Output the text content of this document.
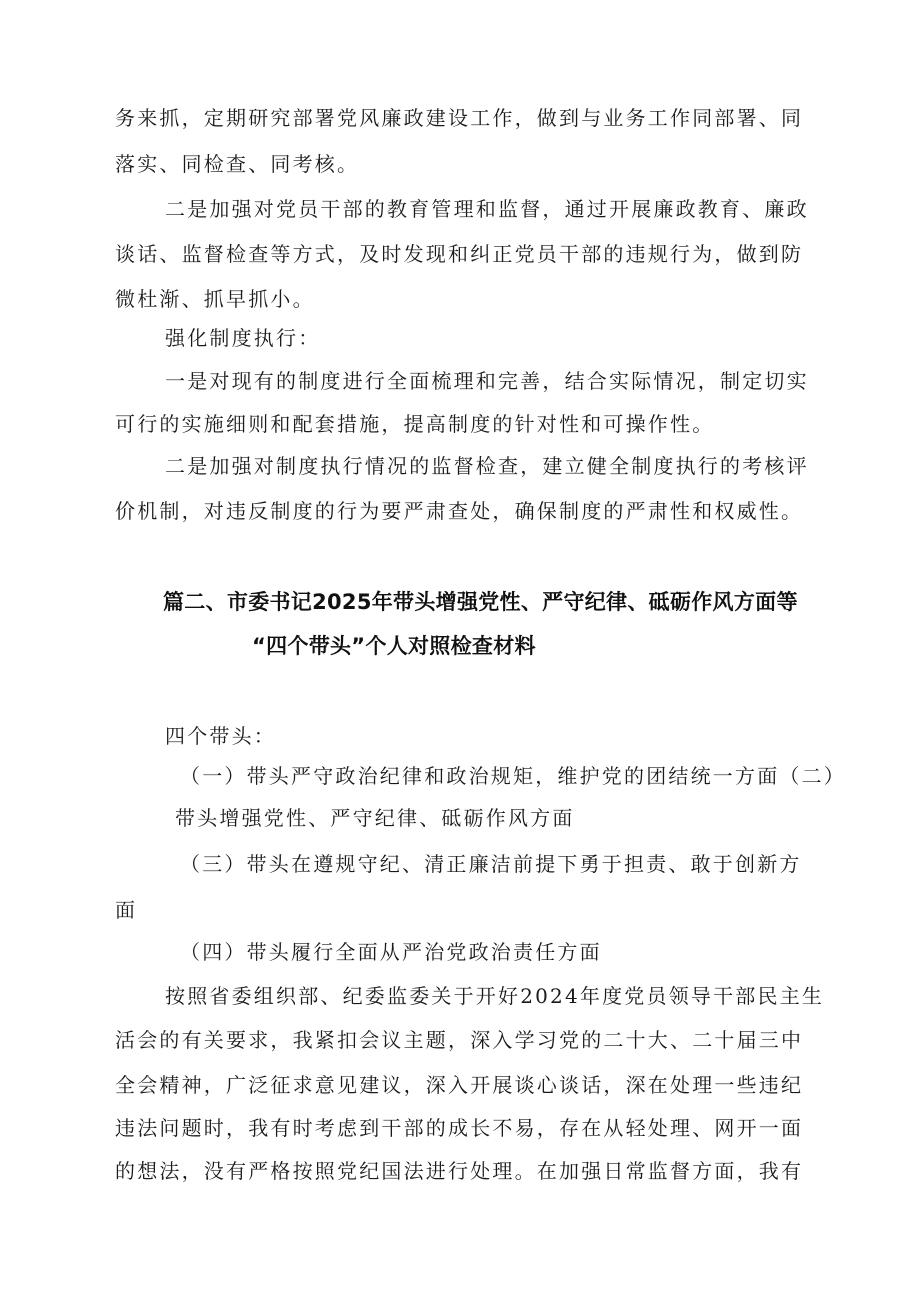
务来抓，定期研究部署党风廉政建设工作，做到与业务工作同部署、同
落实、同检查、同考核。
二是加强对党员干部的教育管理和监督，通过开展廉政教育、廉政
谈话、监督检查等方式，及时发现和纠正党员干部的违规行为，做到防
微杜渐、抓早抓小。
强化制度执行：
一是对现有的制度进行全面梳理和完善，结合实际情况，制定切实
可行的实施细则和配套措施，提高制度的针对性和可操作性。
二是加强对制度执行情况的监督检查，建立健全制度执行的考核评
价机制，对违反制度的行为要严肃查处，确保制度的严肃性和权威性。
篇二、市委书记2025年带头增强党性、严守纪律、砥砺作风方面等
“四个带头”个人对照检查材料
四个带头：
（一）带头严守政治纪律和政治规矩，维护党的团结统一方面（二）
带头增强党性、严守纪律、砥砺作风方面
（三）带头在遵规守纪、清正廉洁前提下勇于担责、敢于创新方
面
（四）带头履行全面从严治党政治责任方面
按照省委组织部、纪委监委关于开好2024年度党员领导干部民主生
活会的有关要求，我紧扣会议主题，深入学习党的二十大、二十届三中
全会精神，广泛征求意见建议，深入开展谈心谈话，深在处理一些违纪
违法问题时，我有时考虑到干部的成长不易，存在从轻处理、网开一面
的想法，没有严格按照党纪国法进行处理。在加强日常监督方面，我有
